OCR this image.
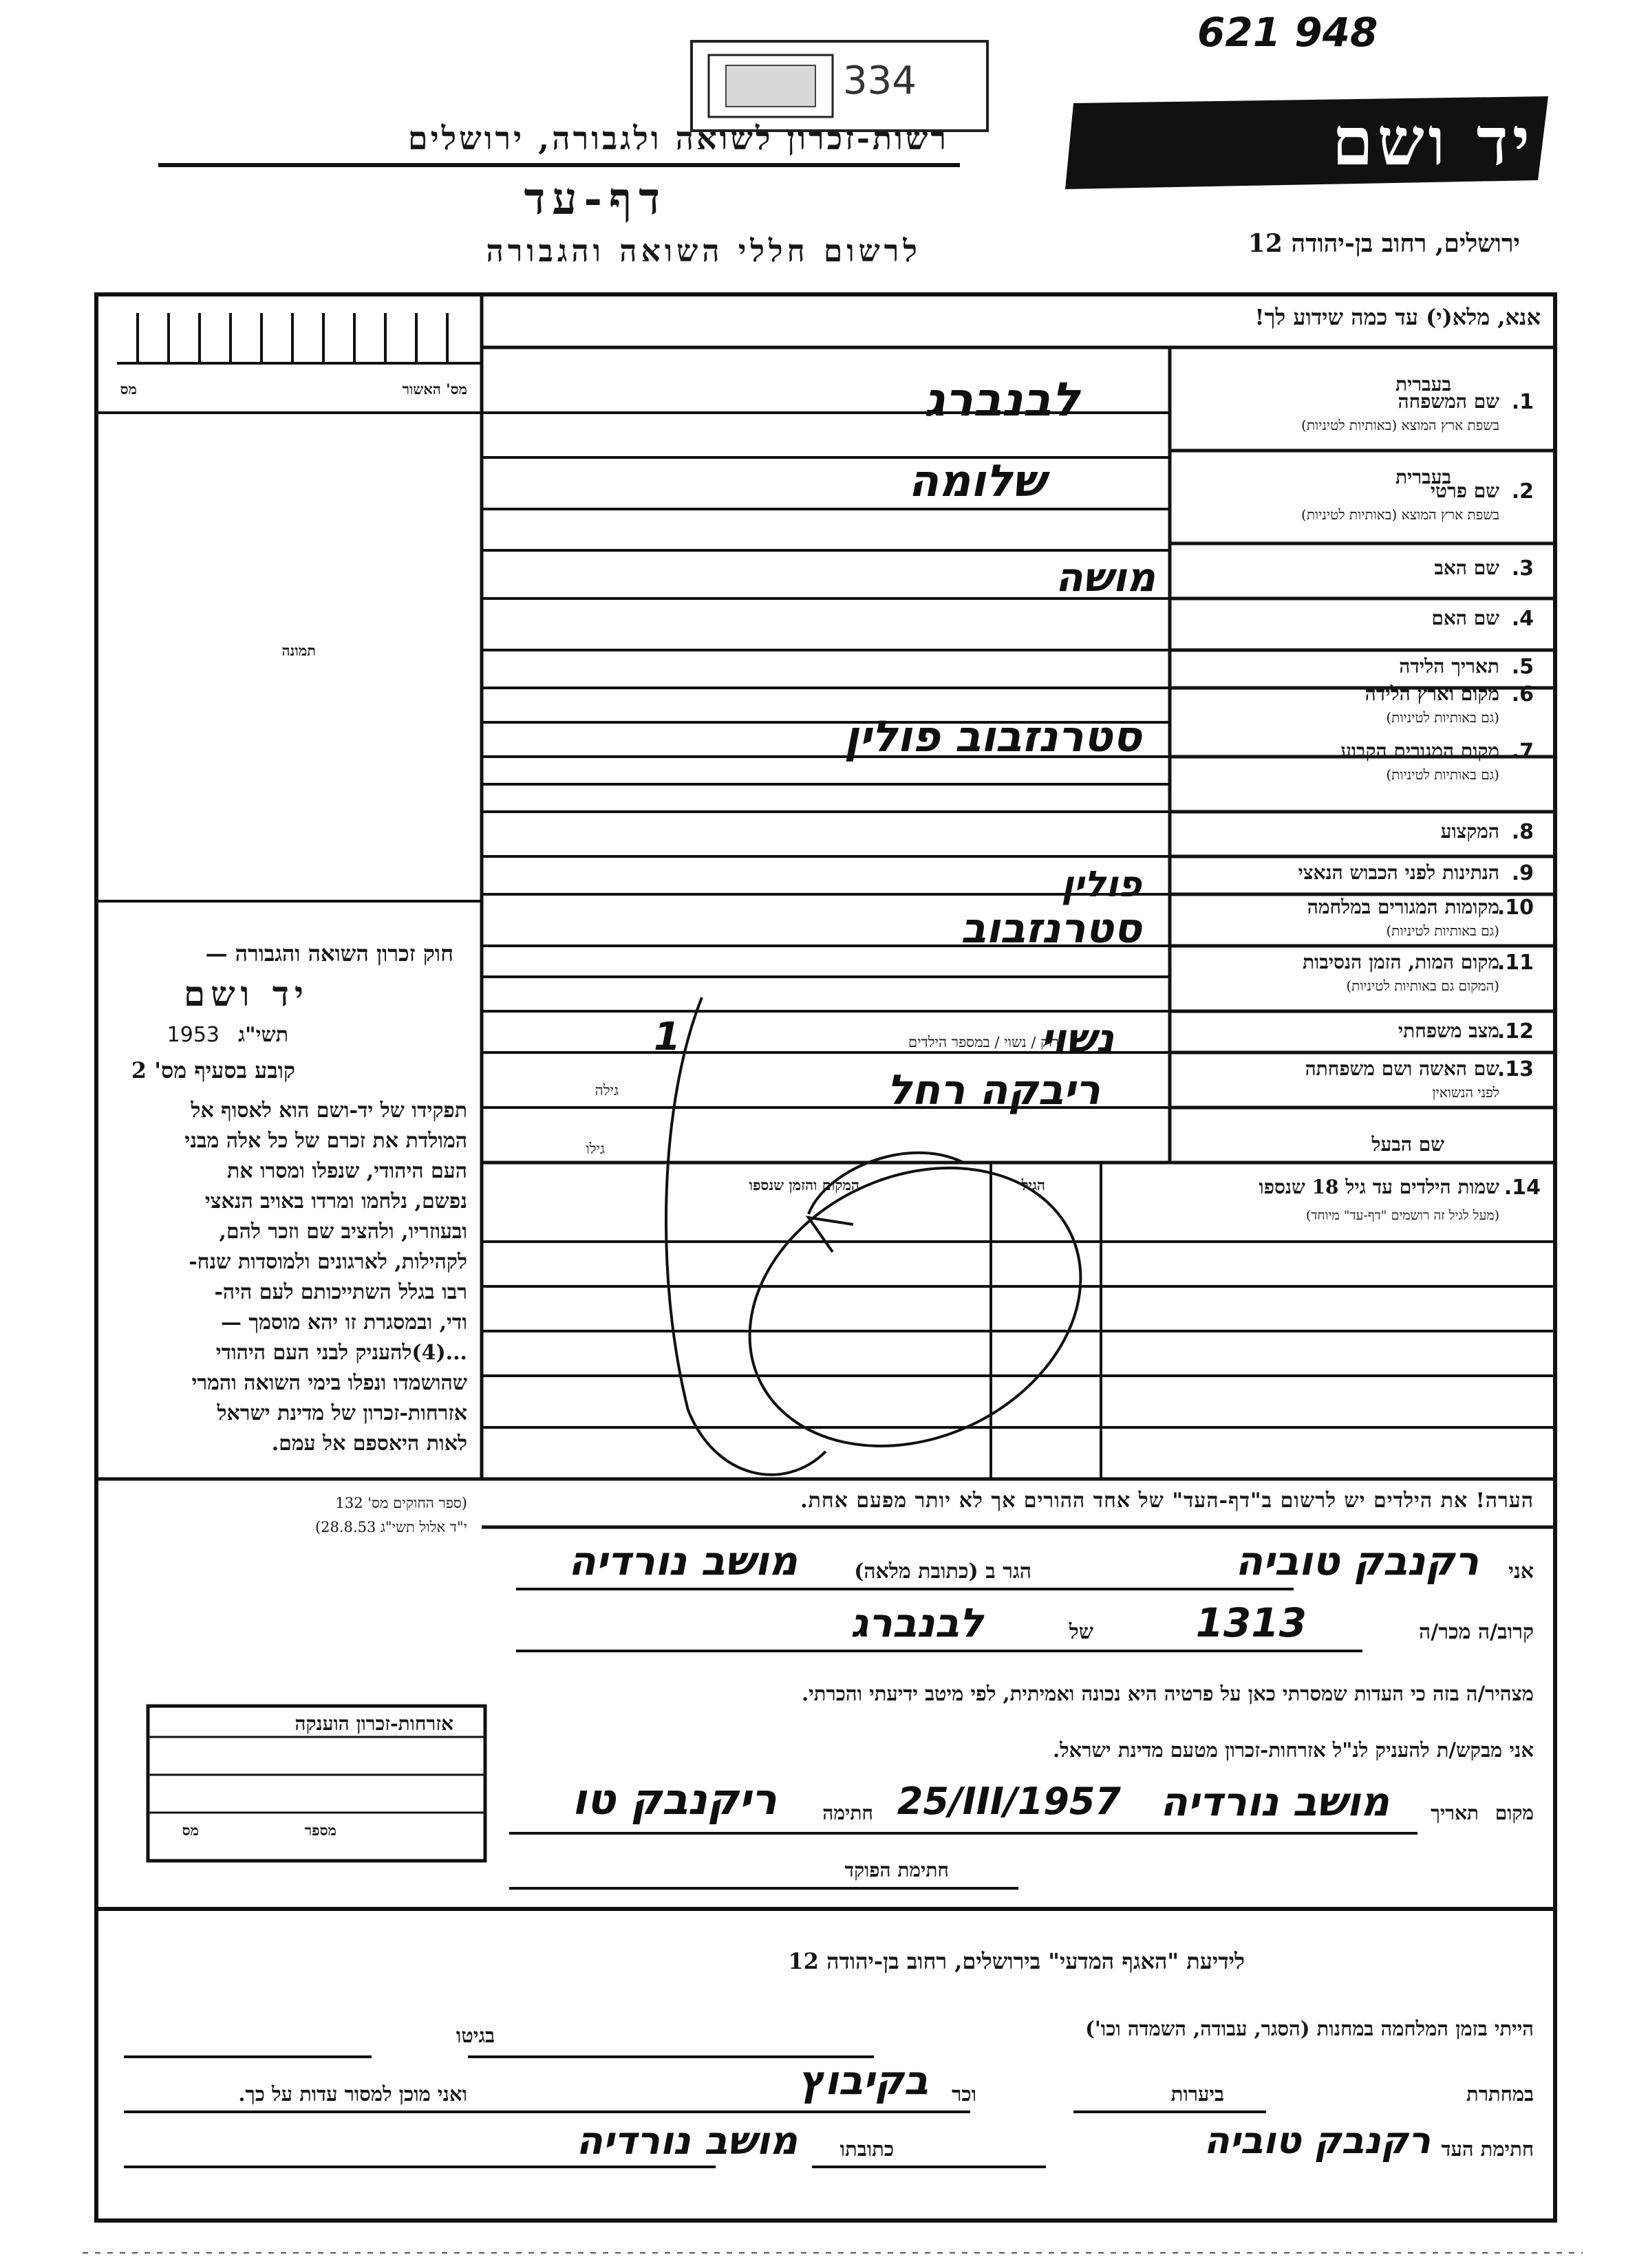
621 948
334
רשות-זכרון לשואה ולגבורה, ירושלים	יד ושם
דף-עד
לרשום חללי השואה והגבורה	ירושלים, רחוב בן-יהודה 12
אנא, מלא(י) עד כמה שידוע לך!
מס' האשור
מס
תמונה
בעברית
בעברית
1.
שם המשפחה
בשפת ארץ המוצא (באותיות לטיניות)
2.
שם פרטי
בשפת ארץ המוצא (באותיות לטיניות)
3.
שם האב
4.
שם האם
5.
תאריך הלידה
6.
מקום וארץ הלידה
(גם באותיות לטיניות)
7.
מקום המגורים הקבוע
(גם באותיות לטיניות)
8.
המקצוע
9.
הנתינות לפני הכבוש הנאצי
10.
מקומות המגורים במלחמה
(גם באותיות לטיניות)
11.
מקום המות, הזמן הנסיבות
(המקום גם באותיות לטיניות)
12.
מצב משפחתי
13.
שם האשה ושם משפחתה
לפני הנשואין
לבנברג
שלומה
מושה
סטרנזבוב פולין
פולין
סטרנזבוב
נשוי
ריבקה רחל
רוק / נשוי / במספר הילדים
1
גילה
שם הבעל
גילו
14.
שמות הילדים עד גיל 18 שנספו
(מעל לגיל זה רושמים "דף-עד" מיוחד)
הגיל
המקום והזמן שנספו
הערה! את הילדים יש לרשום ב"דף-העד" של אחד ההורים אך לא יותר מפעם אחת.
חוק זכרון השואה והגבורה —
יד ושם
תשי"ג
1953
קובע בסעיף מס' 2
תפקידו של יד-ושם הוא לאסוף אל
המולדת את זכרם של כל אלה מבני
העם היהודי, שנפלו ומסרו את
נפשם, נלחמו ומרדו באויב הנאצי
ובעוזריו, ולהציב שם וזכר להם,
לקהילות, לארגונים ולמוסדות שנח-
רבו בגלל השתייכותם לעם היה-
ודי, ובמסגרת זו יהא מוסמך —
...(4)להעניק לבני העם היהודי
שהושמדו ונפלו בימי השואה והמרי
אזרחות-זכרון של מדינת ישראל
לאות היאספם אל עמם.
(ספר החוקים מס' 132
י"ד אלול תשי"ג 28.8.53)
אני
רקנבק טוביה
הגר ב (כתובת מלאה)
מושב נורדיה
קרוב/ה מכר/ה
1313
של
לבנברג
מצהיר/ה בזה כי העדות שמסרתי כאן על פרטיה היא נכונה ואמיתית, לפי מיטב ידיעתי והכרתי.
אני מבקש/ת להעניק לנ"ל אזרחות-זכרון מטעם מדינת ישראל.
מקום
תאריך
מושב נורדיה
25/III/1957
חתימה
ריקנבק טו
חתימת הפוקד
אזרחות-זכרון הוענקה
מספר
מס
לידיעת "האגף המדעי" בירושלים, רחוב בן-יהודה 12
הייתי בזמן המלחמה במחנות (הסגר, עבודה, השמדה וכו')
בגיטו
במחתרת
ביערות
וכר
בקיבוץ
ואני מוכן למסור עדות על כך.
חתימת העד
רקנבק טוביה
כתובתו
מושב נורדיה
